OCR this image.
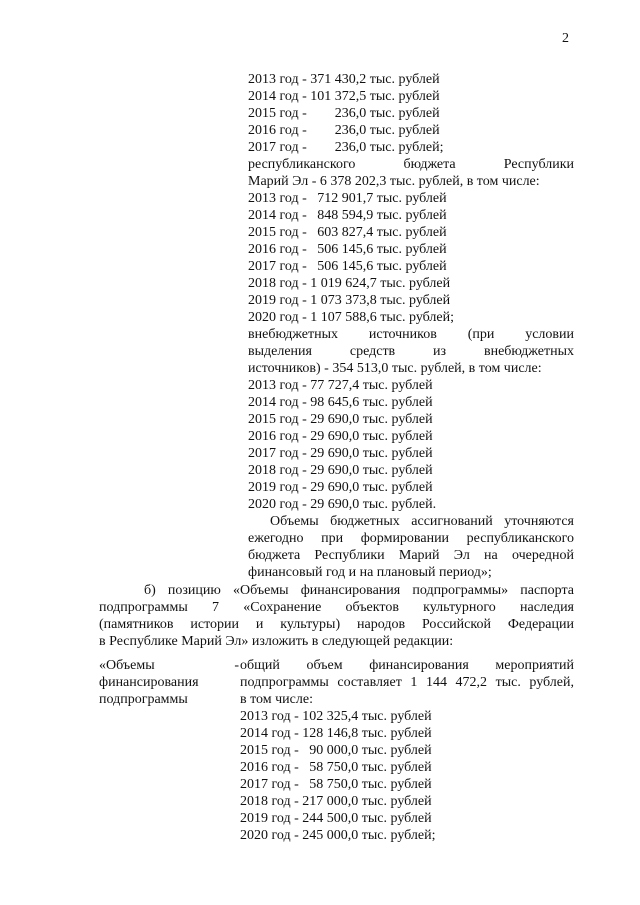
2
2013 год - 371 430,2 тыс. рублей
2014 год - 101 372,5 тыс. рублей
2015 год -        236,0 тыс. рублей
2016 год -        236,0 тыс. рублей
2017 год -        236,0 тыс. рублей;
республиканского бюджета Республики
Марий Эл - 6 378 202,3 тыс. рублей, в том числе:
2013 год -   712 901,7 тыс. рублей
2014 год -   848 594,9 тыс. рублей
2015 год -   603 827,4 тыс. рублей
2016 год -   506 145,6 тыс. рублей
2017 год -   506 145,6 тыс. рублей
2018 год - 1 019 624,7 тыс. рублей
2019 год - 1 073 373,8 тыс. рублей
2020 год - 1 107 588,6 тыс. рублей;
внебюджетных источников (при условии
выделения средств из внебюджетных
источников) - 354 513,0 тыс. рублей, в том числе:
2013 год - 77 727,4 тыс. рублей
2014 год - 98 645,6 тыс. рублей
2015 год - 29 690,0 тыс. рублей
2016 год - 29 690,0 тыс. рублей
2017 год - 29 690,0 тыс. рублей
2018 год - 29 690,0 тыс. рублей
2019 год - 29 690,0 тыс. рублей
2020 год - 29 690,0 тыс. рублей.
Объемы бюджетных ассигнований уточняются
ежегодно при формировании республиканского
бюджета Республики Марий Эл на очередной
финансовый год и на плановый период»;
б) позицию «Объемы финансирования подпрограммы» паспорта
подпрограммы 7 «Сохранение объектов культурного наследия
(памятников истории и культуры) народов Российской Федерации
в Республике Марий Эл» изложить в следующей редакции:
«Объемы -
финансирования
подпрограммы
общий объем финансирования мероприятий
подпрограммы составляет 1 144 472,2 тыс. рублей,
в том числе:
2013 год - 102 325,4 тыс. рублей
2014 год - 128 146,8 тыс. рублей
2015 год -   90 000,0 тыс. рублей
2016 год -   58 750,0 тыс. рублей
2017 год -   58 750,0 тыс. рублей
2018 год - 217 000,0 тыс. рублей
2019 год - 244 500,0 тыс. рублей
2020 год - 245 000,0 тыс. рублей;
